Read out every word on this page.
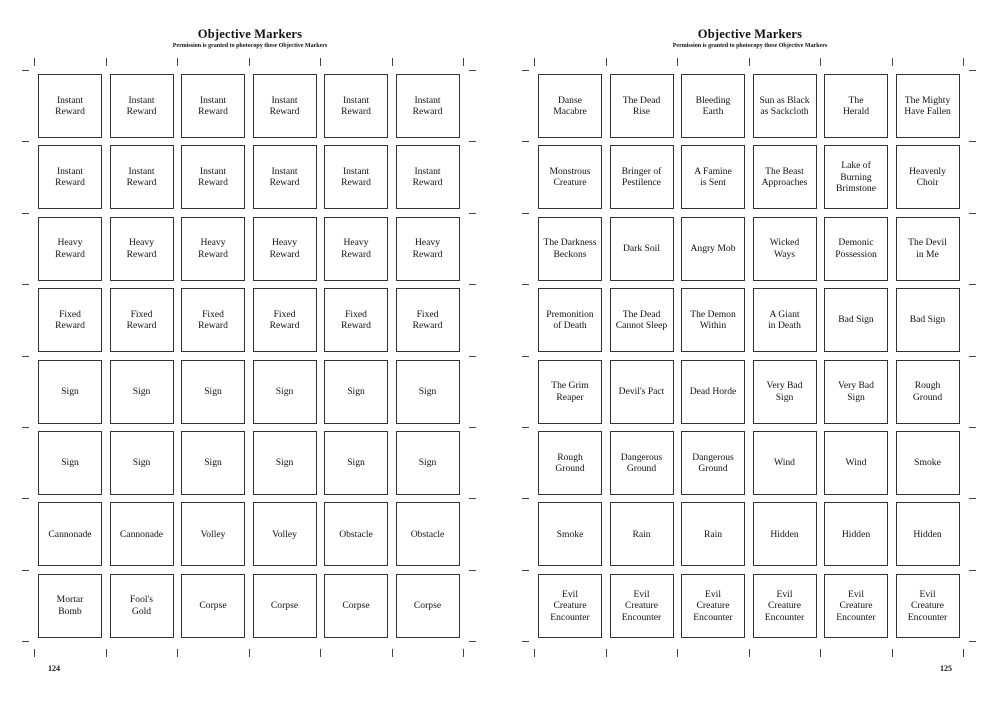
Objective Markers
Permission is granted to photocopy these Objective Markers
Instant
Reward
Instant
Reward
Instant
Reward
Instant
Reward
Instant
Reward
Instant
Reward
Instant
Reward
Instant
Reward
Instant
Reward
Instant
Reward
Instant
Reward
Instant
Reward
Heavy
Reward
Heavy
Reward
Heavy
Reward
Heavy
Reward
Heavy
Reward
Heavy
Reward
Fixed
Reward
Fixed
Reward
Fixed
Reward
Fixed
Reward
Fixed
Reward
Fixed
Reward
Sign	Sign	Sign	Sign	Sign	Sign
Sign	Sign	Sign	Sign	Sign	Sign
Cannonade	Cannonade	Volley	Volley	Obstacle	Obstacle
Mortar
Bomb
Fool's
Gold
Corpse	Corpse	Corpse	Corpse
124
Objective Markers
Permission is granted to photocopy these Objective Markers
Danse
Macabre
The Dead
Rise
Bleeding
Earth
Sun as Black
as Sackcloth
The
Herald
The Mighty
Have Fallen
Monstrous
Creature
Bringer of
Pestilence
A Famine
is Sent
The Beast
Approaches
Lake of
Burning
Brimstone
Heavenly
Choir
The Darkness
Beckons
Dark Soil	Angry Mob
Wicked
Ways
Demonic
Possession
The Devil
in Me
Premonition
of Death
The Dead
Cannot Sleep
The Demon
Within
A Giant
in Death
Bad Sign	Bad Sign
The Grim
Reaper
Devil's Pact	Dead Horde
Very Bad
Sign
Very Bad
Sign
Rough
Ground
Rough
Ground
Dangerous
Ground
Dangerous
Ground
Wind	Wind	Smoke
Smoke	Rain	Rain	Hidden	Hidden	Hidden
Evil
Creature
Encounter
Evil
Creature
Encounter
Evil
Creature
Encounter
Evil
Creature
Encounter
Evil
Creature
Encounter
Evil
Creature
Encounter
125
